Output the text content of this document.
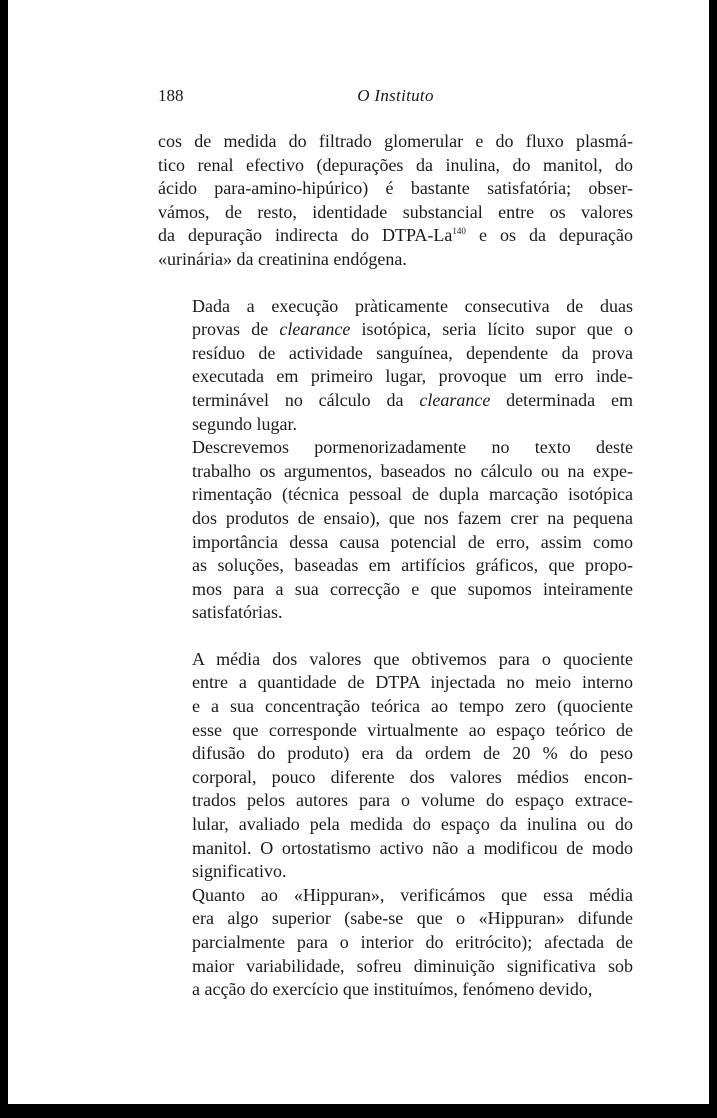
188	O Instituto

cos de medida do filtrado glomerular e do fluxo plasmá-
tico renal efectivo (depurações da inulina, do manitol, do
ácido para-amino-hipúrico) é bastante satisfatória; obser-
vámos, de resto, identidade substancial entre os valores
da depuração indirecta do DTPA-La$^{140}$ e os da depuração
«urinária» da creatinina endógena.

Dada a execução pràticamente consecutiva de duas
provas de clearance isotópica, seria lícito supor que o
resíduo de actividade sanguínea, dependente da prova
executada em primeiro lugar, provoque um erro inde-
terminável no cálculo da clearance determinada em
segundo lugar.

Descrevemos pormenorizadamente no texto deste
trabalho os argumentos, baseados no cálculo ou na expe-
rimentação (técnica pessoal de dupla marcação isotópica
dos produtos de ensaio), que nos fazem crer na pequena
importância dessa causa potencial de erro, assim como
as soluções, baseadas em artifícios gráficos, que propo-
mos para a sua correcção e que supomos inteiramente
satisfatórias.

A média dos valores que obtivemos para o quociente
entre a quantidade de DTPA injectada no meio interno
e a sua concentração teórica ao tempo zero (quociente
esse que corresponde virtualmente ao espaço teórico de
difusão do produto) era da ordem de 20 % do peso
corporal, pouco diferente dos valores médios encon-
trados pelos autores para o volume do espaço extrace-
lular, avaliado pela medida do espaço da inulina ou do
manitol. O ortostatismo activo não a modificou de modo
significativo.

Quanto ao «Hippuran», verificámos que essa média
era algo superior (sabe-se que o «Hippuran» difunde
parcialmente para o interior do eritrócito); afectada de
maior variabilidade, sofreu diminuição significativa sob
a acção do exercício que instituímos, fenómeno devido,
